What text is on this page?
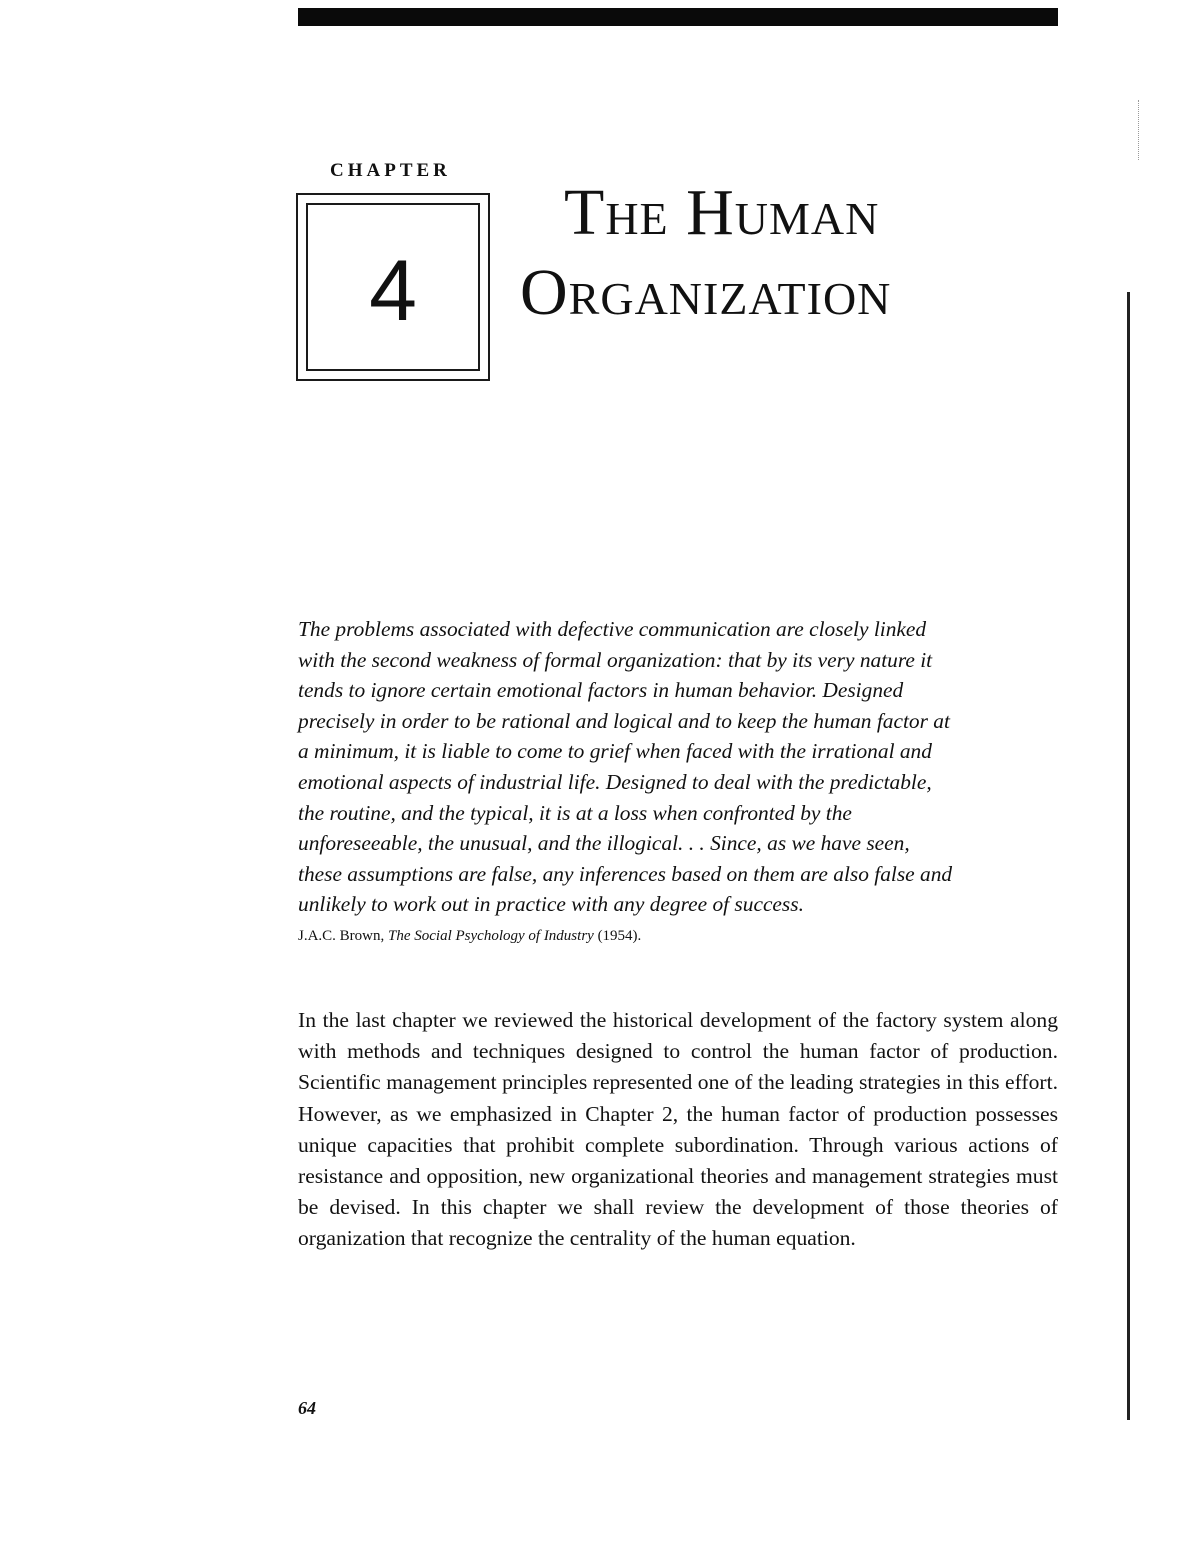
CHAPTER
4
The Human
Organization

The problems associated with defective communication are closely linked
with the second weakness of formal organization: that by its very nature it
tends to ignore certain emotional factors in human behavior. Designed
precisely in order to be rational and logical and to keep the human factor at
a minimum, it is liable to come to grief when faced with the irrational and
emotional aspects of industrial life. Designed to deal with the predictable,
the routine, and the typical, it is at a loss when confronted by the
unforeseeable, the unusual, and the illogical. . . Since, as we have seen,
these assumptions are false, any inferences based on them are also false and
unlikely to work out in practice with any degree of success.

J.A.C. Brown, The Social Psychology of Industry (1954).

In the last chapter we reviewed the historical development of the factory system along with methods and techniques designed to control the human factor of production. Scientific management principles represented one of the leading strategies in this effort. However, as we emphasized in Chapter 2, the human factor of production possesses unique capacities that prohibit complete subordination. Through various actions of resistance and opposition, new organizational theories and management strategies must be devised. In this chapter we shall review the development of those theories of organization that recognize the centrality of the human equation.

64
